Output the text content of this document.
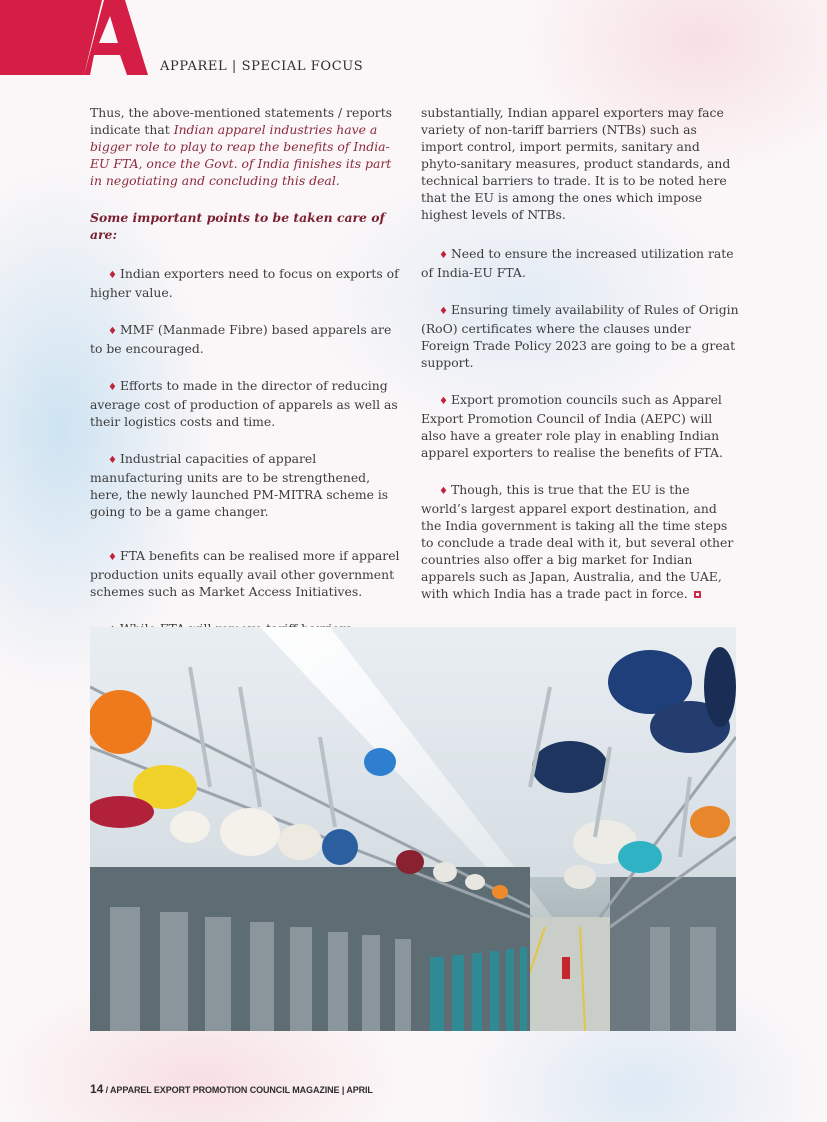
APPAREL | SPECIAL FOCUS

Thus, the above-mentioned statements / reports indicate that Indian apparel industries have a bigger role to play to reap the benefits of India-EU FTA, once the Govt. of India finishes its part in negotiating and concluding this deal.

Some important points to be taken care of are:

♦ Indian exporters need to focus on exports of higher value.

♦ MMF (Manmade Fibre) based apparels are to be encouraged.

♦ Efforts to made in the director of reducing average cost of production of apparels as well as their logistics costs and time.

♦ Industrial capacities of apparel manufacturing units are to be strengthened, here, the newly launched PM-MITRA scheme is going to be a game changer.

♦ FTA benefits can be realised more if apparel production units equally avail other government schemes such as Market Access Initiatives.

substantially, Indian apparel exporters may face variety of non-tariff barriers (NTBs) such as import control, import permits, sanitary and phyto-sanitary measures, product standards, and technical barriers to trade. It is to be noted here that the EU is among the ones which impose highest levels of NTBs.

♦ Need to ensure the increased utilization rate of India-EU FTA.

♦ Ensuring timely availability of Rules of Origin (RoO) certificates where the clauses under Foreign Trade Policy 2023 are going to be a great support.

♦ Export promotion councils such as Apparel Export Promotion Council of India (AEPC) will also have a greater role play in enabling Indian apparel exporters to realise the benefits of FTA.

♦ Though, this is true that the EU is the world’s largest apparel export destination, and the India government is taking all the time steps to conclude a trade deal with it, but several other countries also offer a big market for Indian apparels such as Japan, Australia, and the UAE, with which India has a trade pact in force.

14 / APPAREL EXPORT PROMOTION COUNCIL MAGAZINE | APRIL
